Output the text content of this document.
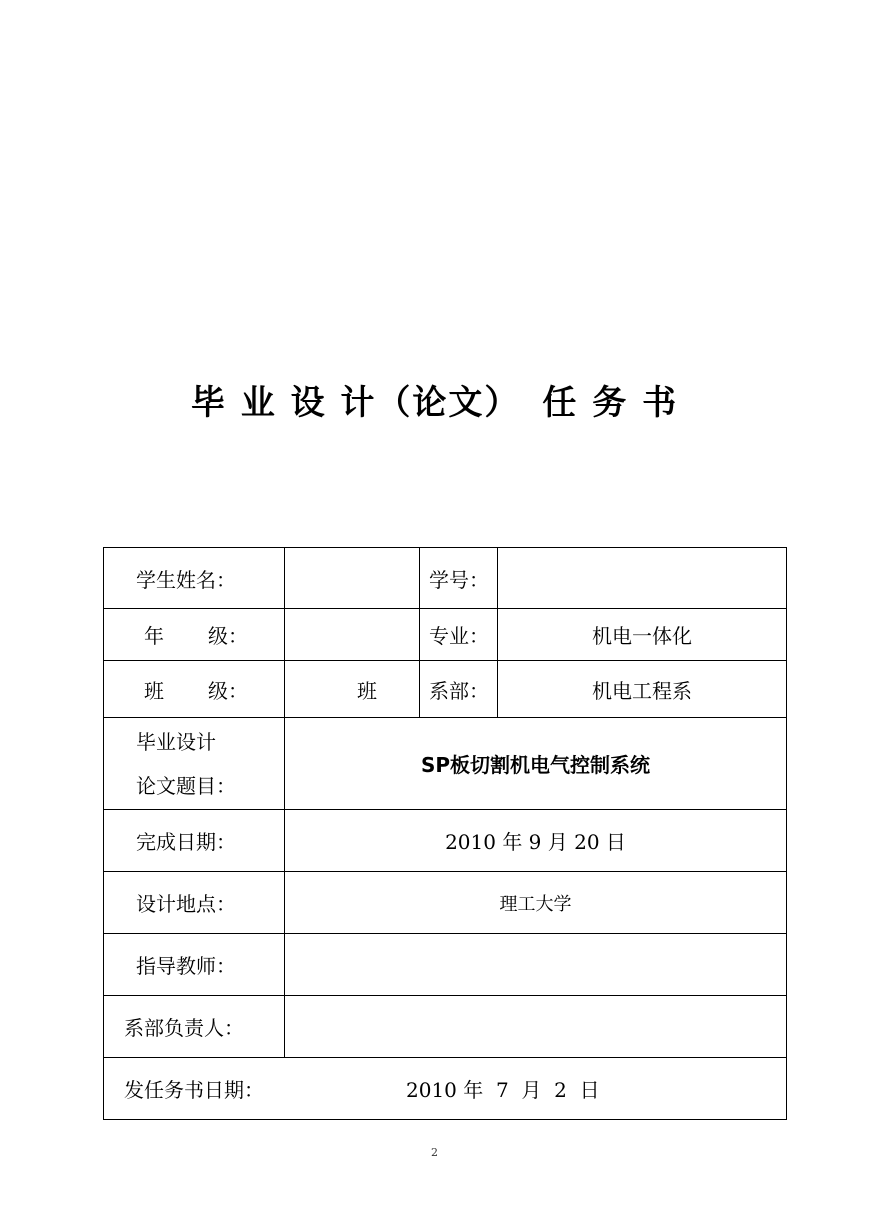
毕 业 设 计（论文） 任 务 书
学生姓名：		学号：	
年 级：		专业：	机电一体化
班 级：	班	系部：	机电工程系

毕业设计
论文题目：	SP板切割机电气控制系统		
完成日期：	2010 年 9 月 20 日		
设计地点：	理工大学		
指导教师：			
系部负责人：			
发任务书日期： 2010 年  7  月  2  日			
2
